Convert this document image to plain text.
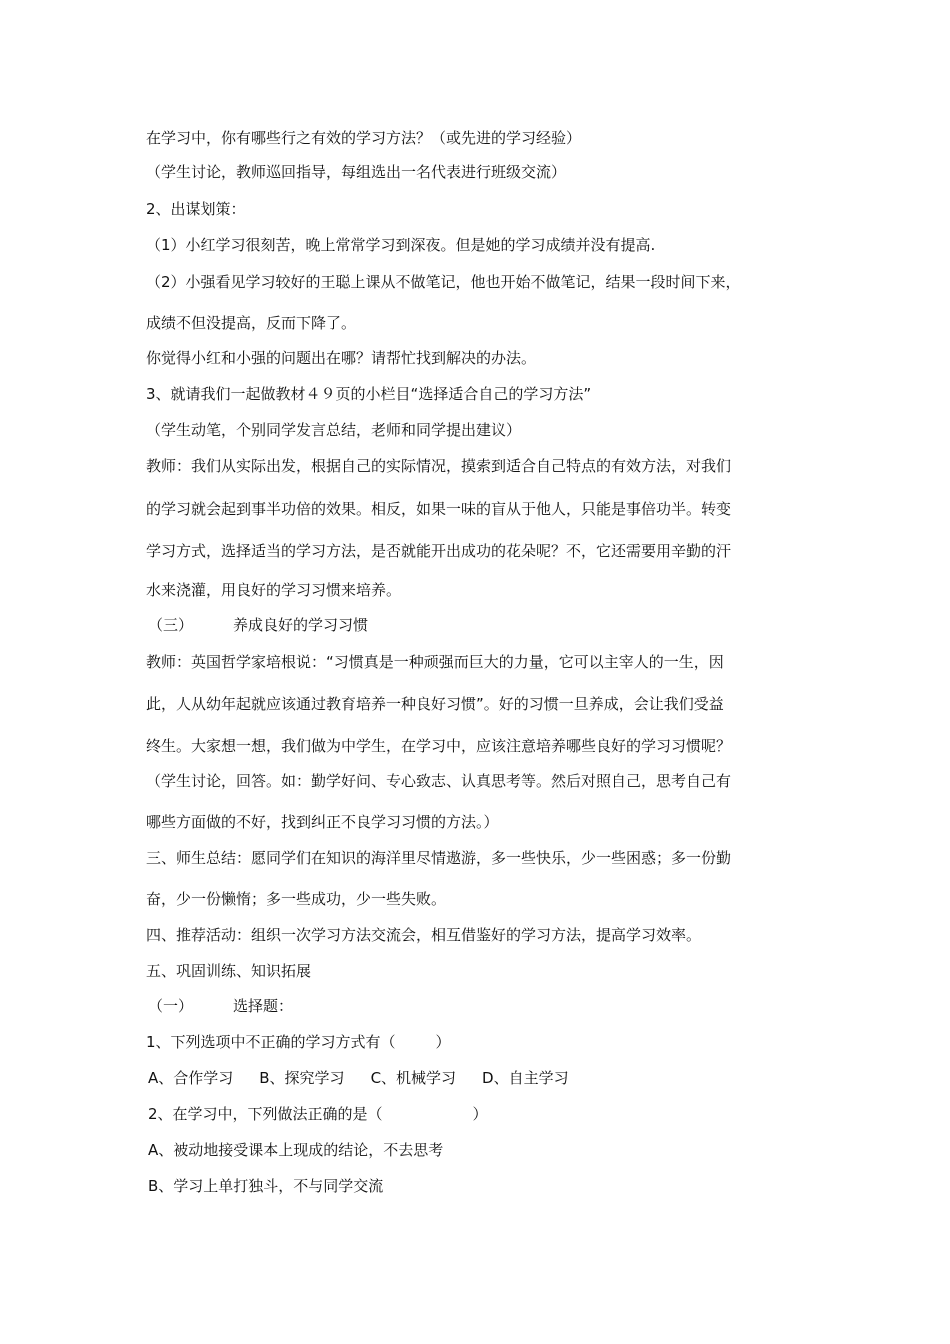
在学习中，你有哪些行之有效的学习方法？（或先进的学习经验）
（学生讨论，教师巡回指导，每组选出一名代表进行班级交流）
2、出谋划策：
（1）小红学习很刻苦，晚上常常学习到深夜。但是她的学习成绩并没有提高.
（2）小强看见学习较好的王聪上课从不做笔记，他也开始不做笔记，结果一段时间下来，
成绩不但没提高，反而下降了。
你觉得小红和小强的问题出在哪？请帮忙找到解决的办法。
3、就请我们一起做教材４９页的小栏目“选择适合自己的学习方法”
（学生动笔，个别同学发言总结，老师和同学提出建议）
教师：我们从实际出发，根据自己的实际情况，摸索到适合自己特点的有效方法，对我们
的学习就会起到事半功倍的效果。相反，如果一味的盲从于他人，只能是事倍功半。转变
学习方式，选择适当的学习方法，是否就能开出成功的花朵呢？不，它还需要用辛勤的汗
水来浇灌，用良好的学习习惯来培养。
（三）	养成良好的学习习惯
教师：英国哲学家培根说：“习惯真是一种顽强而巨大的力量，它可以主宰人的一生，因
此，人从幼年起就应该通过教育培养一种良好习惯”。好的习惯一旦养成，会让我们受益
终生。大家想一想，我们做为中学生，在学习中，应该注意培养哪些良好的学习习惯呢？
（学生讨论，回答。如：勤学好问、专心致志、认真思考等。然后对照自己，思考自己有
哪些方面做的不好，找到纠正不良学习习惯的方法。）
三、师生总结：愿同学们在知识的海洋里尽情遨游，多一些快乐，少一些困惑；多一份勤
奋，少一份懒惰；多一些成功，少一些失败。
四、推荐活动：组织一次学习方法交流会，相互借鉴好的学习方法，提高学习效率。
五、巩固训练、知识拓展
（一）	选择题：
1、下列选项中不正确的学习方式有（	）
A、合作学习 B、探究学习 C、机械学习 D、自主学习
2、在学习中，下列做法正确的是（	）
A、被动地接受课本上现成的结论，不去思考
B、学习上单打独斗，不与同学交流
